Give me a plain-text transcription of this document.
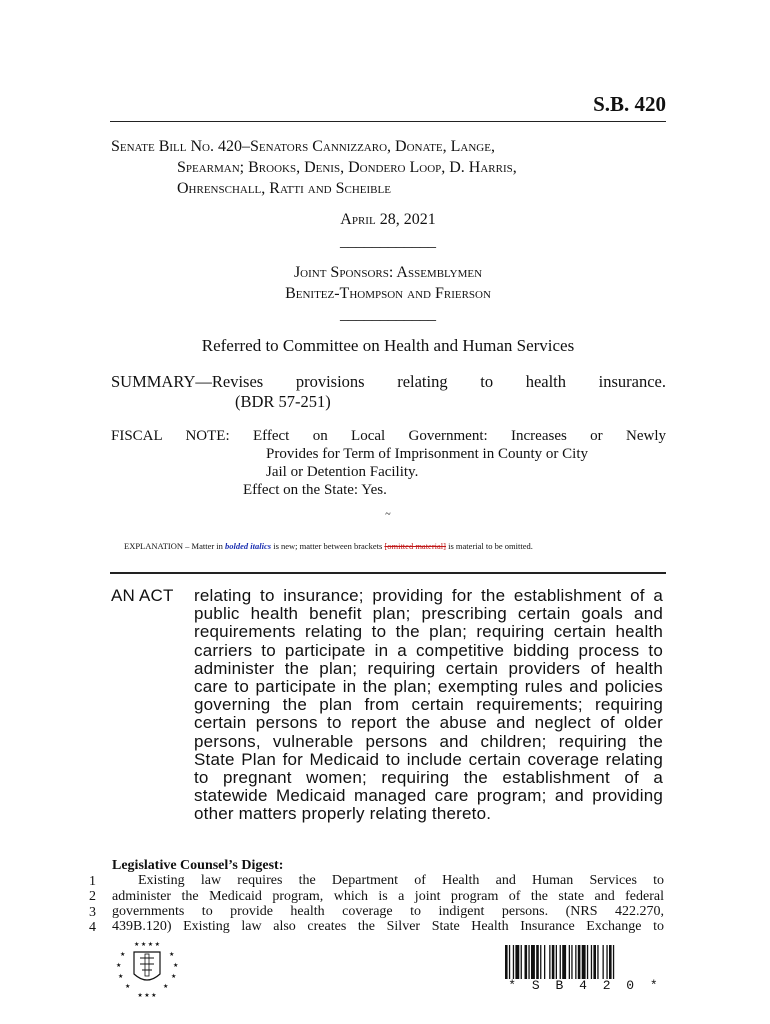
S.B. 420
Senate Bill No. 420–Senators Cannizzaro, Donate, Lange,
Spearman; Brooks, Denis, Dondero Loop, D. Harris,
Ohrenschall, Ratti and Scheible
April 28, 2021
____________
Joint Sponsors: Assemblymen
Benitez-Thompson and Frierson
____________
Referred to Committee on Health and Human Services
SUMMARY—Revises provisions relating to health insurance.
(BDR 57-251)
FISCAL NOTE: Effect on Local Government: Increases or Newly
Provides for Term of Imprisonment in County or City
Jail or Detention Facility.
Effect on the State: Yes.
~
EXPLANATION – Matter in bolded italics is new; matter between brackets [omitted material] is material to be omitted.
AN ACT relating to insurance; providing for the establishment of a public health benefit plan; prescribing certain goals and requirements relating to the plan; requiring certain health carriers to participate in a competitive bidding process to administer the plan; requiring certain providers of health care to participate in the plan; exempting rules and policies governing the plan from certain requirements; requiring certain persons to report the abuse and neglect of older persons, vulnerable persons and children; requiring the State Plan for Medicaid to include certain coverage relating to pregnant women; requiring the establishment of a statewide Medicaid managed care program; and providing other matters properly relating thereto.
1
2
3
4
Legislative Counsel’s Digest:
Existing law requires the Department of Health and Human Services to
administer the Medicaid program, which is a joint program of the state and federal
governments to provide health coverage to indigent persons. (NRS 422.270,
439B.120) Existing law also creates the Silver State Health Insurance Exchange to
★ ★ ★ ★
★	★
★	★
★	★
★	★
★ ★ ★
* S B 4 2 0 *
